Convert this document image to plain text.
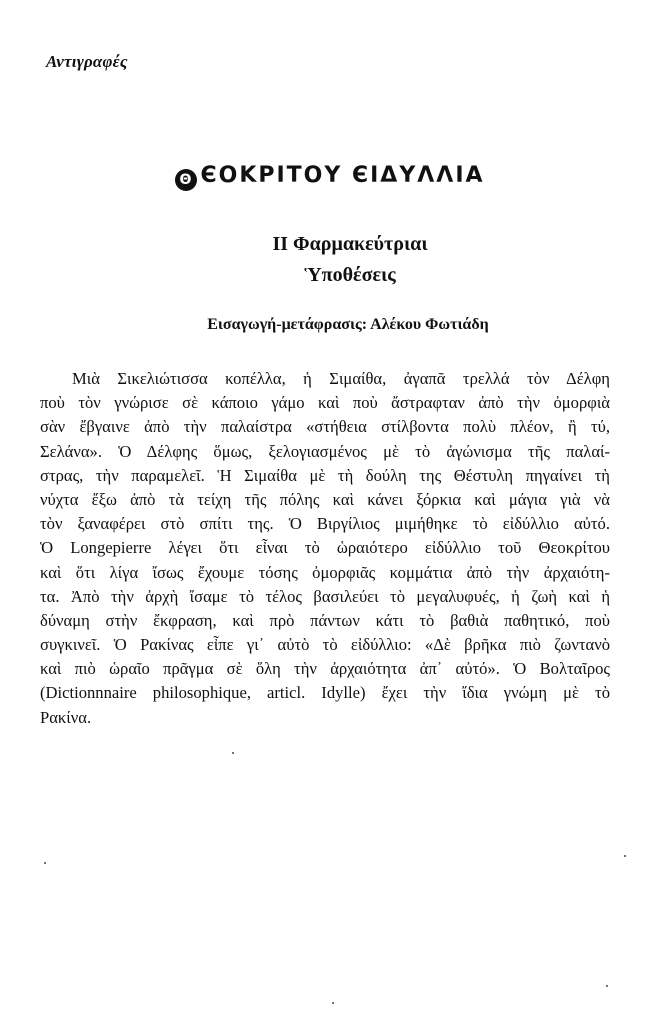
Αντιγραφές
Θ ЄΟΚΡΙΤΟΥ ЄΙΔΥΛΛΙΑ
ΙΙ Φαρμακεύτριαι
Ὑποθέσεις
Εισαγωγή-μετάφρασις: Αλέκου Φωτιάδη
Μιὰ Σικελιώτισσα κοπέλλα, ἡ Σιμαίθα, ἀγαπᾶ τρελλά τὸν Δέλφη
ποὺ τὸν γνώρισε σὲ κάποιο γάμο καὶ ποὺ ἄστραφταν ἀπὸ τὴν ὀμορφιὰ
σὰν ἔβγαινε ἀπὸ τὴν παλαίστρα «στήθεια στίλβοντα πολὺ πλέον, ἢ τύ,
Σελάνα». Ὁ Δέλφης ὅμως, ξελογιασμένος μὲ τὸ ἀγώνισμα τῆς παλαί-
στρας, τὴν παραμελεῖ. Ἡ Σιμαίθα μὲ τὴ δούλη της Θέστυλη πηγαίνει τὴ
νύχτα ἔξω ἀπὸ τὰ τείχη τῆς πόλης καὶ κάνει ξόρκια καὶ μάγια γιὰ νὰ
τὸν ξαναφέρει στὸ σπίτι της. Ὁ Βιργίλιος μιμήθηκε τὸ εἰδύλλιο αὐτό.
Ὁ Longepierre λέγει ὅτι εἶναι τὸ ὡραιότερο εἰδύλλιο τοῦ Θεοκρίτου
καὶ ὅτι λίγα ἴσως ἔχουμε τόσης ὀμορφιᾶς κομμάτια ἀπὸ τὴν ἀρχαιότη-
τα. Ἀπὸ τὴν ἀρχὴ ἴσαμε τὸ τέλος βασιλεύει τὸ μεγαλυφυές, ἡ ζωὴ καὶ ἡ
δύναμη στὴν ἔκφραση, καὶ πρὸ πάντων κάτι τὸ βαθιὰ παθητικό, ποὺ
συγκινεῖ. Ὁ Ρακίνας εἶπε γι᾽ αὐτὸ τὸ εἰδύλλιο: «Δὲ βρῆκα πιὸ ζωντανὸ
καὶ πιὸ ὡραῖο πρᾶγμα σὲ ὅλη τὴν ἀρχαιότητα ἀπ᾽ αὐτό». Ὁ Βολταῖρος
(Dictionnnaire philosophique, articl. Idylle) ἔχει τὴν ἴδια γνώμη μὲ τὸ
Ρακίνα.
